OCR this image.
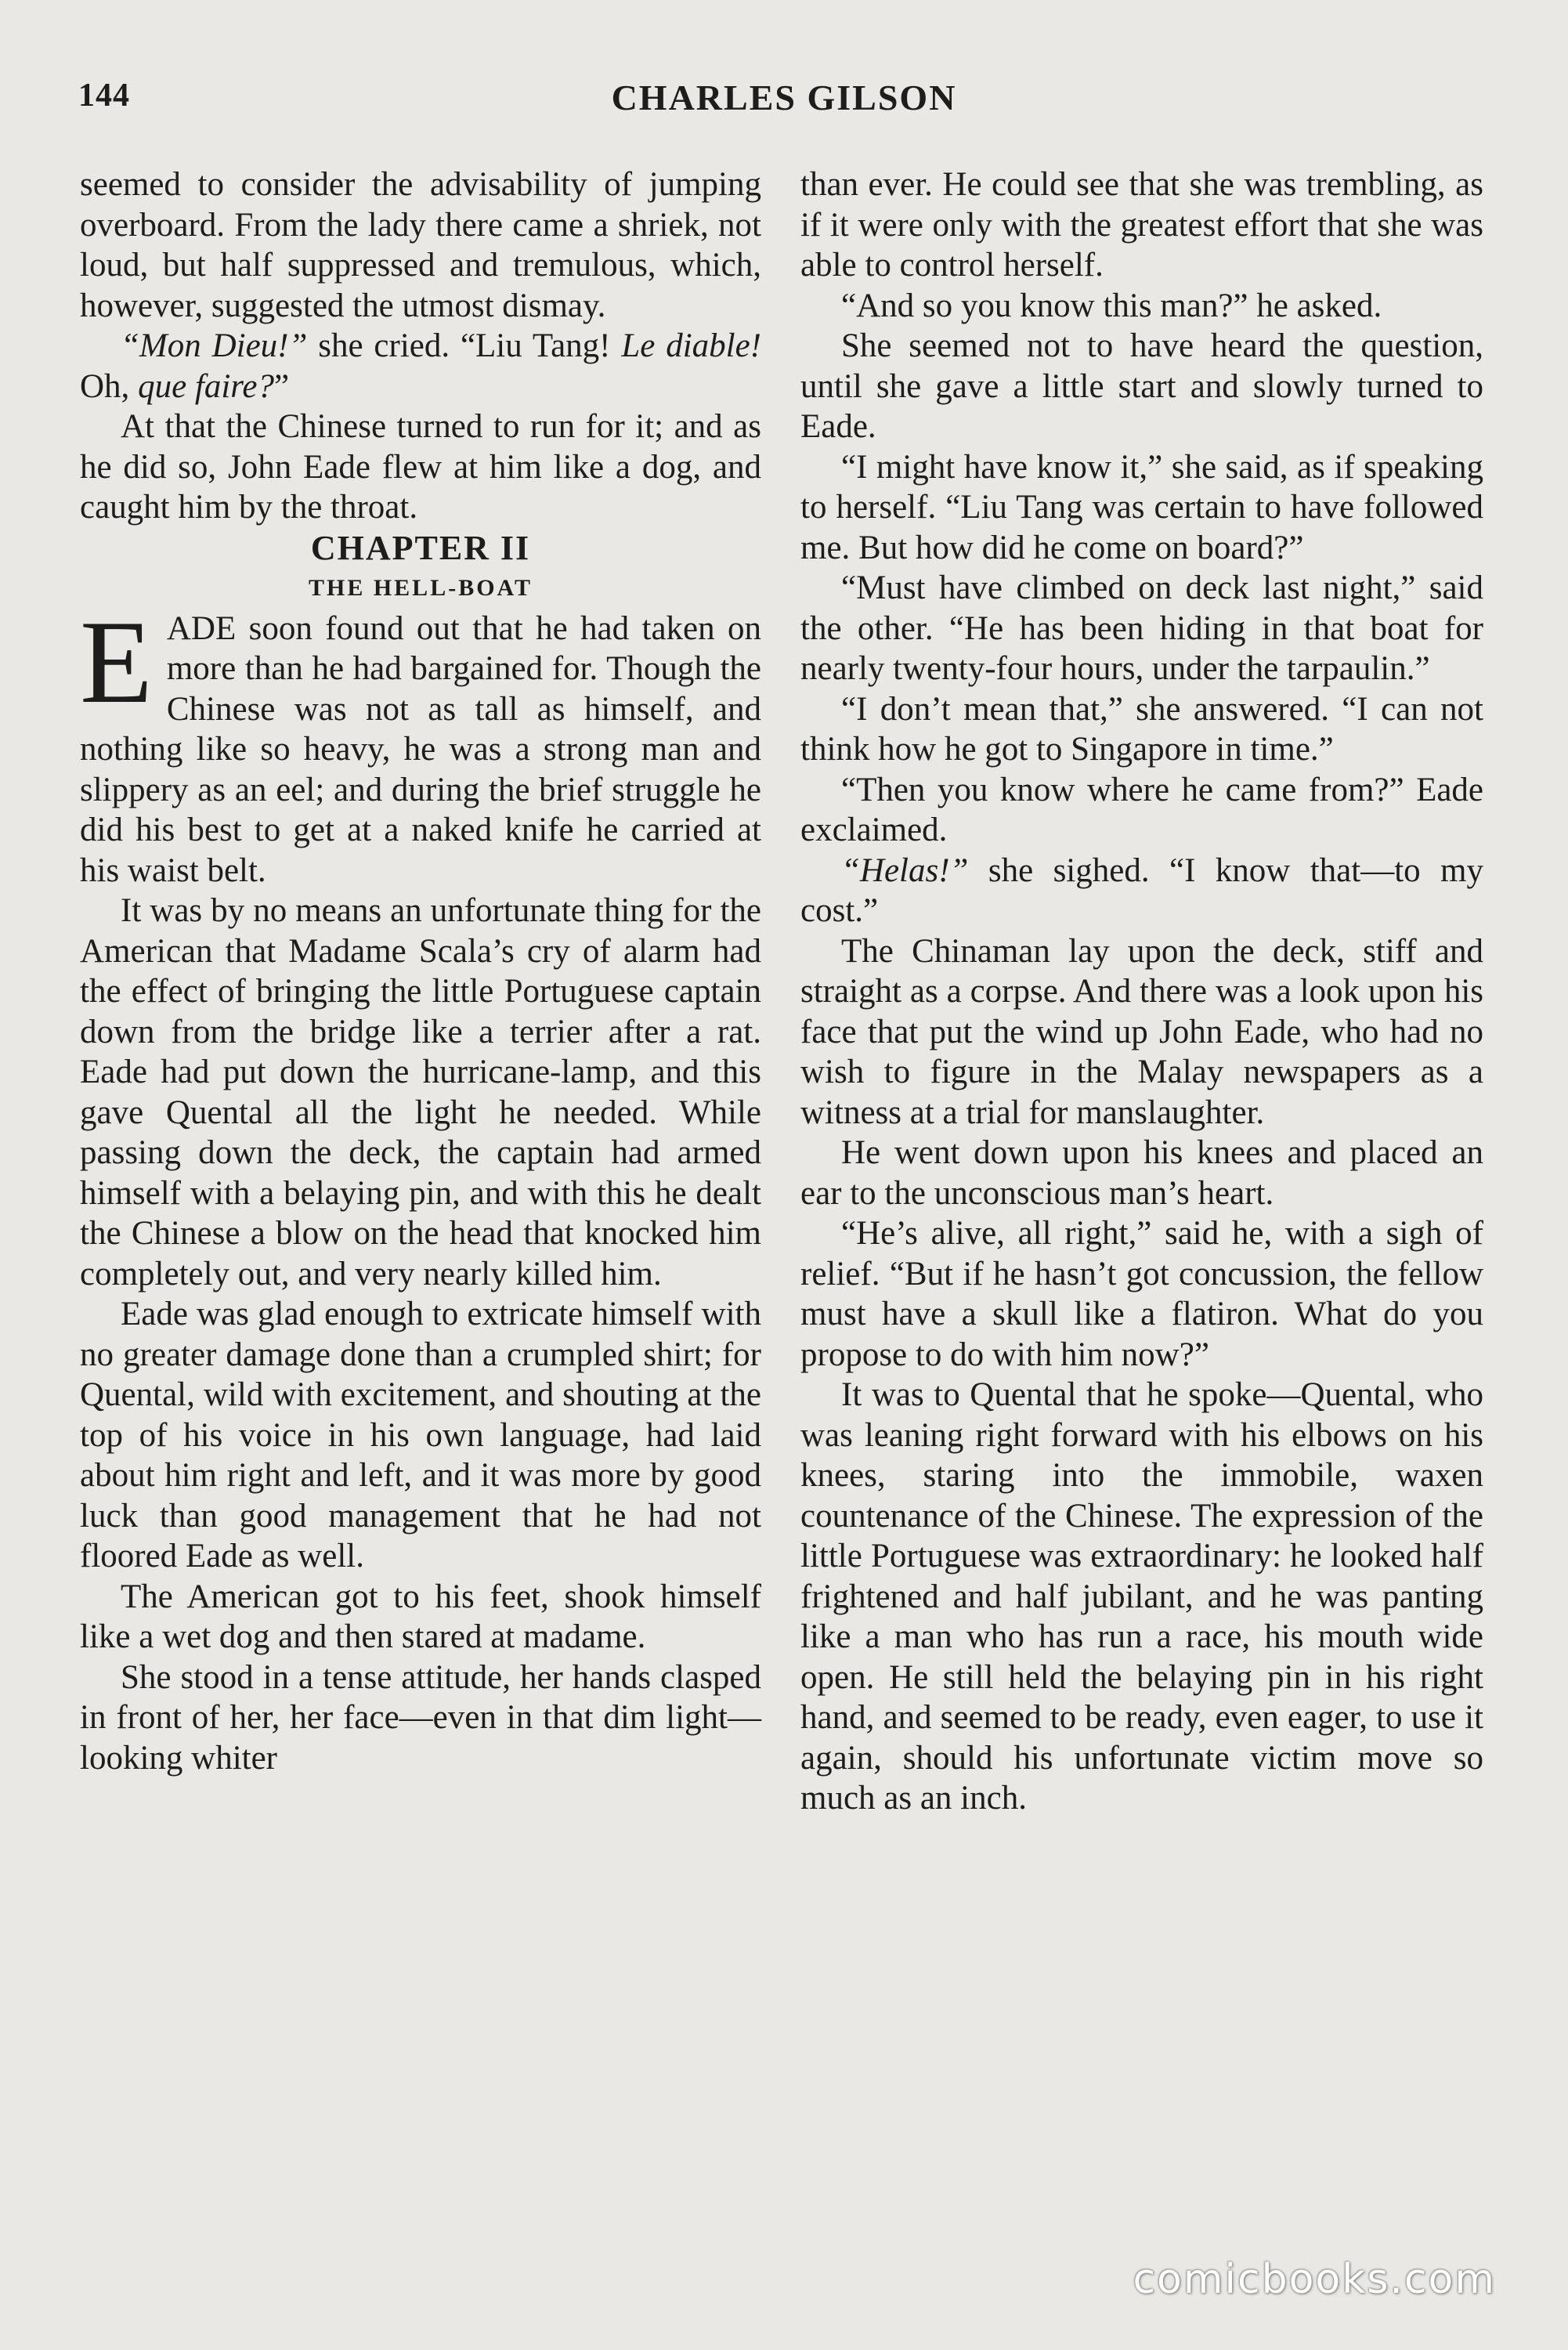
144	CHARLES GILSON

seemed to consider the advisability of jumping overboard. From the lady there came a shriek, not loud, but half suppressed and tremulous, which, however, suggested the utmost dismay.

“Mon Dieu!” she cried. “Liu Tang! Le diable! Oh, que faire?”

At that the Chinese turned to run for it; and as he did so, John Eade flew at him like a dog, and caught him by the throat.

CHAPTER II

THE HELL-BOAT

EADE soon found out that he had taken on more than he had bargained for. Though the Chinese was not as tall as himself, and nothing like so heavy, he was a strong man and slippery as an eel; and during the brief struggle he did his best to get at a naked knife he carried at his waist belt.

It was by no means an unfortunate thing for the American that Madame Scala’s cry of alarm had the effect of bringing the little Portuguese captain down from the bridge like a terrier after a rat. Eade had put down the hurricane-lamp, and this gave Quental all the light he needed. While passing down the deck, the captain had armed himself with a belaying pin, and with this he dealt the Chinese a blow on the head that knocked him completely out, and very nearly killed him.

Eade was glad enough to extricate himself with no greater damage done than a crumpled shirt; for Quental, wild with excitement, and shouting at the top of his voice in his own language, had laid about him right and left, and it was more by good luck than good management that he had not floored Eade as well.

The American got to his feet, shook himself like a wet dog and then stared at madame.

She stood in a tense attitude, her hands clasped in front of her, her face—even in that dim light—looking whiter

than ever. He could see that she was trembling, as if it were only with the greatest effort that she was able to control herself.

“And so you know this man?” he asked.

She seemed not to have heard the question, until she gave a little start and slowly turned to Eade.

“I might have know it,” she said, as if speaking to herself. “Liu Tang was certain to have followed me. But how did he come on board?”

“Must have climbed on deck last night,” said the other. “He has been hiding in that boat for nearly twenty-four hours, under the tarpaulin.”

“I don’t mean that,” she answered. “I can not think how he got to Singapore in time.”

“Then you know where he came from?” Eade exclaimed.

“Helas!” she sighed. “I know that—to my cost.”

The Chinaman lay upon the deck, stiff and straight as a corpse. And there was a look upon his face that put the wind up John Eade, who had no wish to figure in the Malay newspapers as a witness at a trial for manslaughter.

He went down upon his knees and placed an ear to the unconscious man’s heart.

“He’s alive, all right,” said he, with a sigh of relief. “But if he hasn’t got concussion, the fellow must have a skull like a flatiron. What do you propose to do with him now?”

It was to Quental that he spoke—Quental, who was leaning right forward with his elbows on his knees, staring into the immobile, waxen countenance of the Chinese. The expression of the little Portuguese was extraordinary: he looked half frightened and half jubilant, and he was panting like a man who has run a race, his mouth wide open. He still held the belaying pin in his right hand, and seemed to be ready, even eager, to use it again, should his unfortunate victim move so much as an inch.

comicbooks.com
